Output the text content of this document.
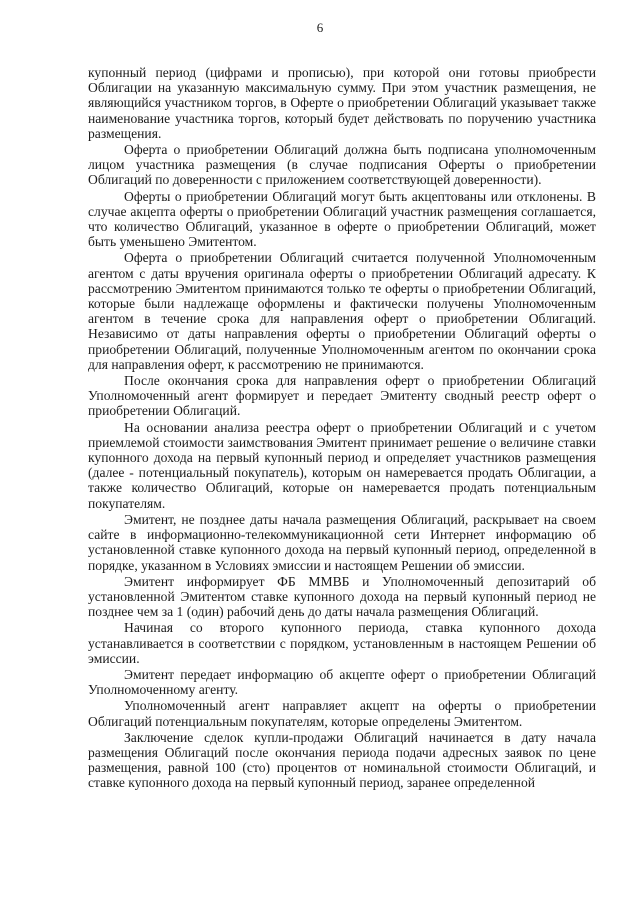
6

купонный период (цифрами и прописью), при которой они готовы приобрести Облигации на указанную максимальную сумму. При этом участник размещения, не являющийся участником торгов, в Оферте о приобретении Облигаций указывает также наименование участника торгов, который будет действовать по поручению участника размещения.

Оферта о приобретении Облигаций должна быть подписана уполномоченным лицом участника размещения (в случае подписания Оферты о приобретении Облигаций по доверенности с приложением соответствующей доверенности).

Оферты о приобретении Облигаций могут быть акцептованы или отклонены. В случае акцепта оферты о приобретении Облигаций участник размещения соглашается, что количество Облигаций, указанное в оферте о приобретении Облигаций, может быть уменьшено Эмитентом.

Оферта о приобретении Облигаций считается полученной Уполномоченным агентом с даты вручения оригинала оферты о приобретении Облигаций адресату. К рассмотрению Эмитентом принимаются только те оферты о приобретении Облигаций, которые были надлежаще оформлены и фактически получены Уполномоченным агентом в течение срока для направления оферт о приобретении Облигаций. Независимо от даты направления оферты о приобретении Облигаций оферты о приобретении Облигаций, полученные Уполномоченным агентом по окончании срока для направления оферт, к рассмотрению не принимаются.

После окончания срока для направления оферт о приобретении Облигаций Уполномоченный агент формирует и передает Эмитенту сводный реестр оферт о приобретении Облигаций.

На основании анализа реестра оферт о приобретении Облигаций и с учетом приемлемой стоимости заимствования Эмитент принимает решение о величине ставки купонного дохода на первый купонный период и определяет участников размещения (далее - потенциальный покупатель), которым он намеревается продать Облигации, а также количество Облигаций, которые он намеревается продать потенциальным покупателям.

Эмитент, не позднее даты начала размещения Облигаций, раскрывает на своем сайте в информационно-телекоммуникационной сети Интернет информацию об установленной ставке купонного дохода на первый купонный период, определенной в порядке, указанном в Условиях эмиссии и настоящем Решении об эмиссии.

Эмитент информирует ФБ ММВБ и Уполномоченный депозитарий об установленной Эмитентом ставке купонного дохода на первый купонный период не позднее чем за 1 (один) рабочий день до даты начала размещения Облигаций.

Начиная со второго купонного периода, ставка купонного дохода устанавливается в соответствии с порядком, установленным в настоящем Решении об эмиссии.

Эмитент передает информацию об акцепте оферт о приобретении Облигаций Уполномоченному агенту.

Уполномоченный агент направляет акцепт на оферты о приобретении Облигаций потенциальным покупателям, которые определены Эмитентом.

Заключение сделок купли-продажи Облигаций начинается в дату начала размещения Облигаций после окончания периода подачи адресных заявок по цене размещения, равной 100 (сто) процентов от номинальной стоимости Облигаций, и ставке купонного дохода на первый купонный период, заранее определенной
